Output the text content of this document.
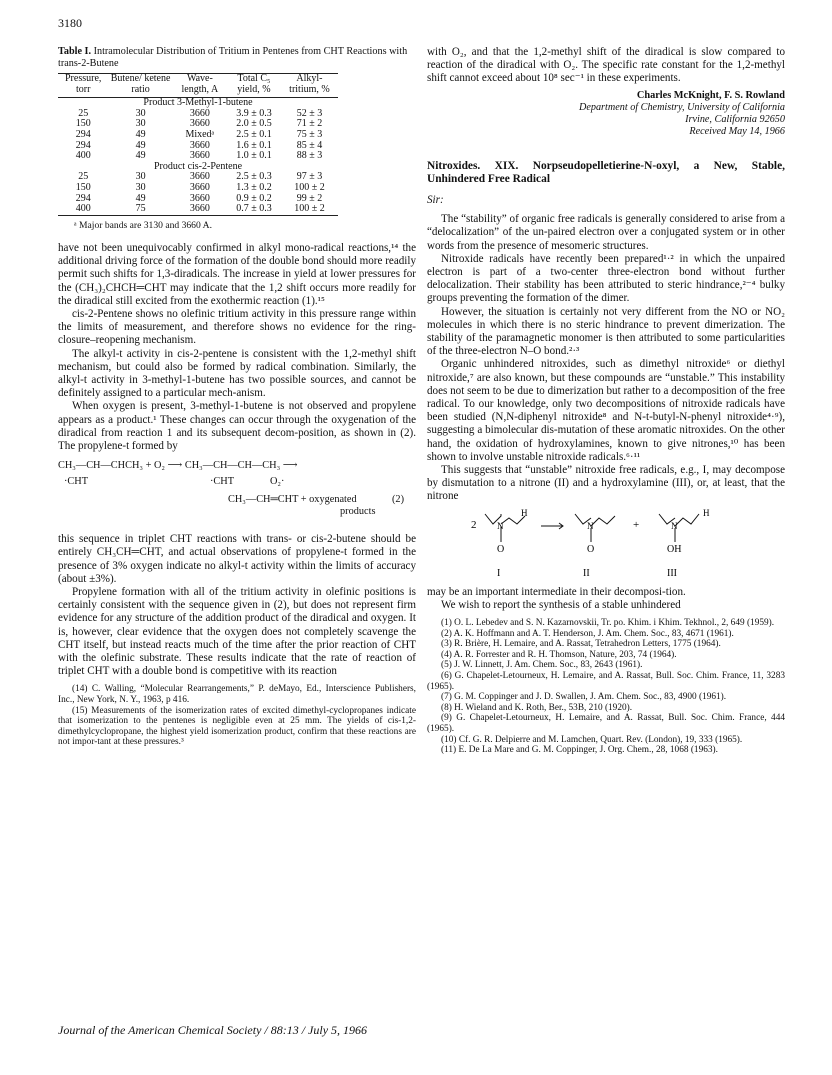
3180

Table I. Intramolecular Distribution of Tritium in Pentenes from CHT Reactions with trans-2-Butene

Pressure, torr	Butene/ ketene ratio	Wave- length, A	Total C₅ yield, %	Alkyl- tritium, %
Product 3-Methyl-1-butene				
25	30	3660	3.9 ± 0.3	52 ± 3
150	30	3660	2.0 ± 0.5	71 ± 2
294	49	Mixedᵃ	2.5 ± 0.1	75 ± 3
294	49	3660	1.6 ± 0.1	85 ± 4
400	49	3660	1.0 ± 0.1	88 ± 3
Product cis-2-Pentene				
25	30	3660	2.5 ± 0.3	97 ± 3
150	30	3660	1.3 ± 0.2	100 ± 2
294	49	3660	0.9 ± 0.2	99 ± 2
400	75	3660	0.7 ± 0.3	100 ± 2
ᵃ Major bands are 3130 and 3660 A.

have not been unequivocably confirmed in alkyl mono-radical reactions,¹⁴ the additional driving force of the formation of the double bond should more readily permit such shifts for 1,3-diradicals. The increase in yield at lower pressures for the (CH₃)₂CHCH═CHT may indicate that the 1,2 shift occurs more readily for the diradical still excited from the exothermic reaction (1).¹⁵

cis-2-Pentene shows no olefinic tritium activity in this pressure range within the limits of measurement, and therefore shows no evidence for the ring-closure–reopening mechanism.

The alkyl-t activity in cis-2-pentene is consistent with the 1,2-methyl shift mechanism, but could also be formed by radical combination. Similarly, the alkyl-t activity in 3-methyl-1-butene has two possible sources, and cannot be definitely assigned to a particular mech-anism.

When oxygen is present, 3-methyl-1-butene is not observed and propylene appears as a product.¹ These changes can occur through the oxygenation of the diradical from reaction 1 and its subsequent decom-position, as shown in (2). The propylene-t formed by

CH₃—CH—CHCH₃ + O₂ ⟶ CH₃—CH—CH—CH₃ ⟶
·CHT	·CHT	O₂·
CH₃—CH═CHT + oxygenated
products
(2)

this sequence in triplet CHT reactions with trans- or cis-2-butene should be entirely CH₃CH═CHT, and actual observations of propylene-t formed in the presence of 3% oxygen indicate no alkyl-t activity within the limits of accuracy (about ±3%).

Propylene formation with all of the tritium activity in olefinic positions is certainly consistent with the sequence given in (2), but does not represent firm evidence for any structure of the addition product of the diradical and oxygen. It is, however, clear evidence that the oxygen does not completely scavenge the CHT itself, but instead reacts much of the time after the prior reaction of CHT with the olefinic substrate. These results indicate that the rate of reaction of triplet CHT with a double bond is competitive with its reaction

(14) C. Walling, “Molecular Rearrangements,” P. deMayo, Ed., Interscience Publishers, Inc., New York, N. Y., 1963, p 416.

(15) Measurements of the isomerization rates of excited dimethyl-cyclopropanes indicate that isomerization to the pentenes is negligible even at 25 mm. The yields of cis-1,2-dimethylcyclopropane, the highest yield isomerization product, confirm that these reactions are not impor-tant at these pressures.³

with O₂, and that the 1,2-methyl shift of the diradical is slow compared to reaction of the diradical with O₂. The specific rate constant for the 1,2-methyl shift cannot exceed about 10⁸ sec⁻¹ in these experiments.

Charles McKnight, F. S. Rowland
Department of Chemistry, University of California
Irvine, California 92650
Received May 14, 1966
Nitroxides. XIX. Norpseudopelletierine-N-oxyl, a New, Stable, Unhindered Free Radical
Sir:

The “stability” of organic free radicals is generally considered to arise from a “delocalization” of the un-paired electron over a conjugated system or in other words from the presence of mesomeric structures.

Nitroxide radicals have recently been prepared¹·² in which the unpaired electron is part of a two-center three-electron bond without further delocalization. Their stability has been attributed to steric hindrance,²⁻⁴ bulky groups preventing the formation of the dimer.

However, the situation is certainly not very different from the NO or NO₂ molecules in which there is no steric hindrance to prevent dimerization. The stability of the paramagnetic monomer is then attributed to some particularities of the three-electron N–O bond.²·³

Organic unhindered nitroxides, such as dimethyl nitroxide⁶ or diethyl nitroxide,⁷ are also known, but these compounds are “unstable.” This instability does not seem to be due to dimerization but rather to a decomposition of the free radical. To our knowledge, only two decompositions of nitroxide radicals have been studied (N,N-diphenyl nitroxide⁸ and N-t-butyl-N-phenyl nitroxide⁴·⁹), suggesting a bimolecular dis-mutation of these aromatic nitroxides. On the other hand, the oxidation of hydroxylamines, known to give nitrones,¹⁰ has been shown to involve unstable nitroxide radicals.⁶·¹¹

This suggests that “unstable” nitroxide free radicals, e.g., I, may decompose by dismutation to a nitrone (II) and a hydroxylamine (III), or, at least, that the nitrone

2 N
H
O
I
N
O
II
+	N
H
OH
III

may be an important intermediate in their decomposi-tion.

We wish to report the synthesis of a stable unhindered

(1) O. L. Lebedev and S. N. Kazarnovskii, Tr. po. Khim. i Khim. Tekhnol., 2, 649 (1959).

(2) A. K. Hoffmann and A. T. Henderson, J. Am. Chem. Soc., 83, 4671 (1961).

(3) R. Brière, H. Lemaire, and A. Rassat, Tetrahedron Letters, 1775 (1964).

(4) A. R. Forrester and R. H. Thomson, Nature, 203, 74 (1964).

(5) J. W. Linnett, J. Am. Chem. Soc., 83, 2643 (1961).

(6) G. Chapelet-Letourneux, H. Lemaire, and A. Rassat, Bull. Soc. Chim. France, 11, 3283 (1965).

(7) G. M. Coppinger and J. D. Swallen, J. Am. Chem. Soc., 83, 4900 (1961).

(8) H. Wieland and K. Roth, Ber., 53B, 210 (1920).

(9) G. Chapelet-Letourneux, H. Lemaire, and A. Rassat, Bull. Soc. Chim. France, 444 (1965).

(10) Cf. G. R. Delpierre and M. Lamchen, Quart. Rev. (London), 19, 333 (1965).

(11) E. De La Mare and G. M. Coppinger, J. Org. Chem., 28, 1068 (1963).

Journal of the American Chemical Society / 88:13 / July 5, 1966
